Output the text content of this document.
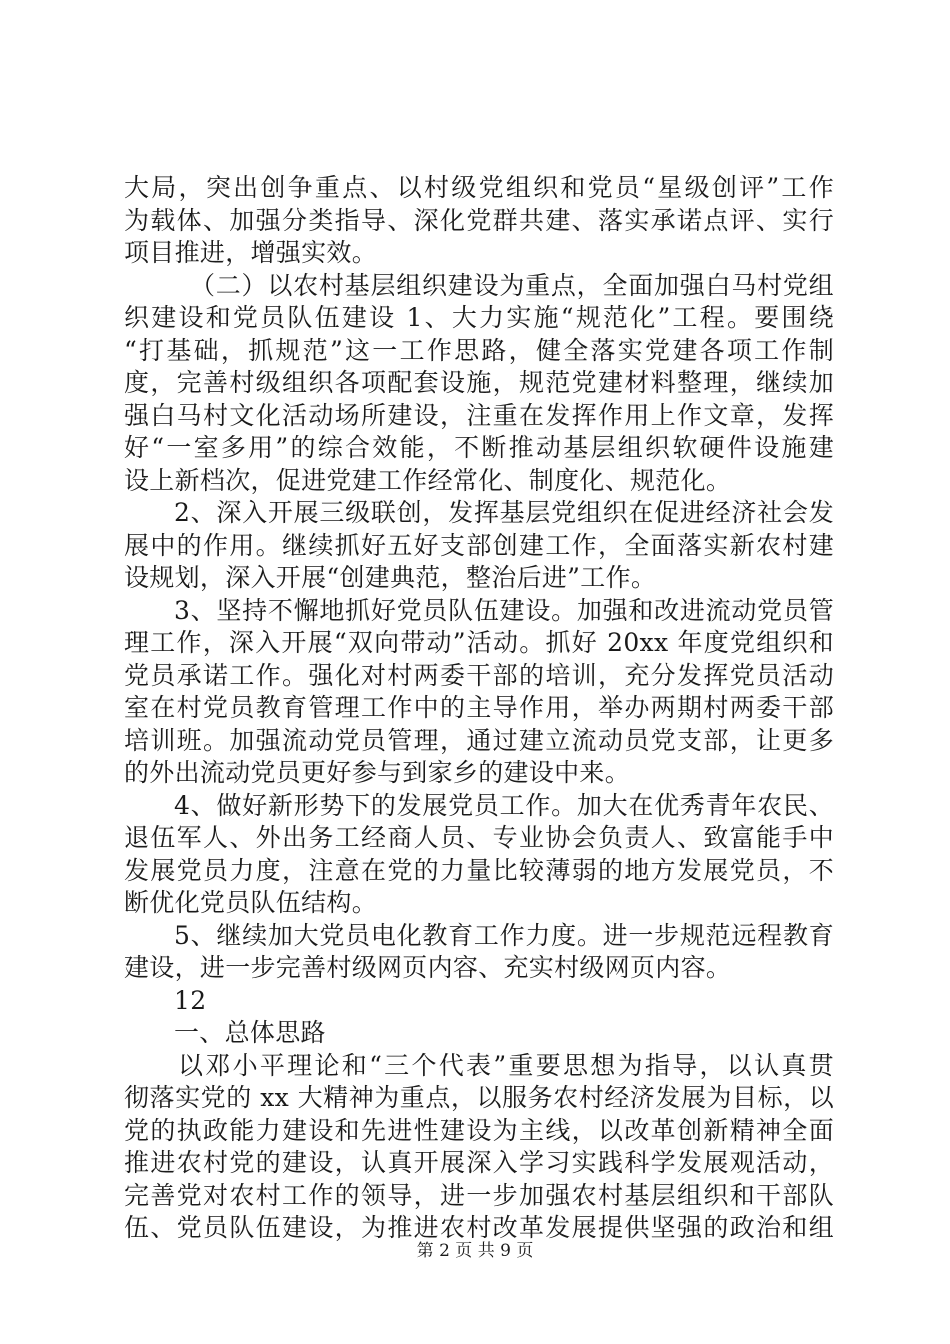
大局，突出创争重点、以村级党组织和党员“星级创评”工作
为载体、加强分类指导、深化党群共建、落实承诺点评、实行
项目推进，增强实效。
（二）以农村基层组织建设为重点，全面加强白马村党组
织建设和党员队伍建设 1、大力实施“规范化”工程。要围绕
“打基础，抓规范”这一工作思路，健全落实党建各项工作制
度，完善村级组织各项配套设施，规范党建材料整理，继续加
强白马村文化活动场所建设，注重在发挥作用上作文章，发挥
好“一室多用”的综合效能，不断推动基层组织软硬件设施建
设上新档次，促进党建工作经常化、制度化、规范化。
2、深入开展三级联创，发挥基层党组织在促进经济社会发
展中的作用。继续抓好五好支部创建工作，全面落实新农村建
设规划，深入开展“创建典范，整治后进”工作。
3、坚持不懈地抓好党员队伍建设。加强和改进流动党员管
理工作，深入开展“双向带动”活动。抓好 20xx 年度党组织和
党员承诺工作。强化对村两委干部的培训，充分发挥党员活动
室在村党员教育管理工作中的主导作用，举办两期村两委干部
培训班。加强流动党员管理，通过建立流动员党支部，让更多
的外出流动党员更好参与到家乡的建设中来。
4、做好新形势下的发展党员工作。加大在优秀青年农民、
退伍军人、外出务工经商人员、专业协会负责人、致富能手中
发展党员力度，注意在党的力量比较薄弱的地方发展党员，不
断优化党员队伍结构。
5、继续加大党员电化教育工作力度。进一步规范远程教育
建设，进一步完善村级网页内容、充实村级网页内容。
12
一、总体思路
以邓小平理论和“三个代表”重要思想为指导，以认真贯
彻落实党的 xx 大精神为重点，以服务农村经济发展为目标，以
党的执政能力建设和先进性建设为主线，以改革创新精神全面
推进农村党的建设，认真开展深入学习实践科学发展观活动，
完善党对农村工作的领导，进一步加强农村基层组织和干部队
伍、党员队伍建设，为推进农村改革发展提供坚强的政治和组
第 2 页 共 9 页
